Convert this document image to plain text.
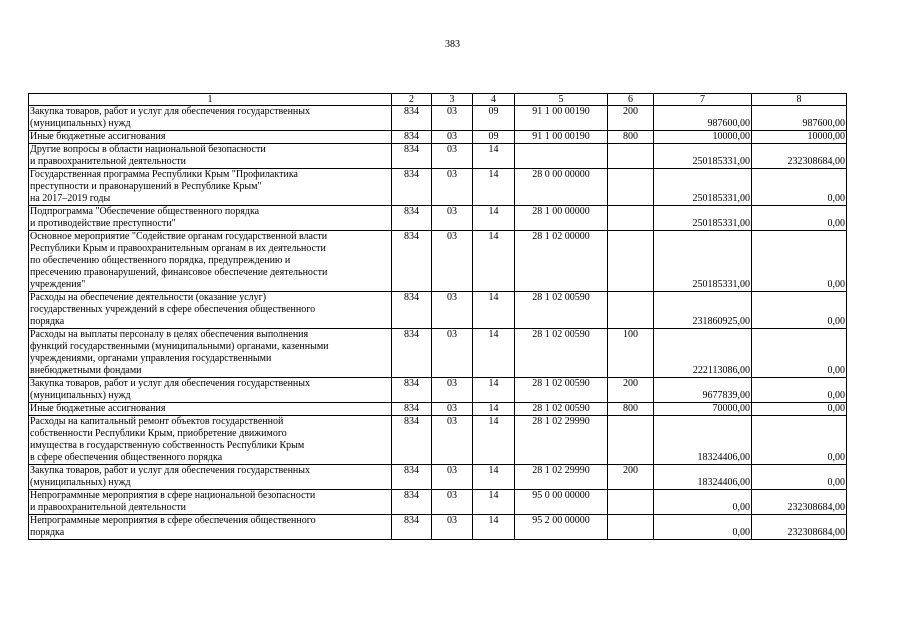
383
1	2	3	4	5	6	7	8

Закупка товаров, работ и услуг для обеспечения государственных
(муниципальных) нужд	834	03	09	91 1 00 00190	200	987600,00	987600,00

Иные бюджетные ассигнования	834	03	09	91 1 00 00190	800	10000,00	10000,00

Другие вопросы в области национальной безопасности
и правоохранительной деятельности	834	03	14			250185331,00	232308684,00

Государственная программа Республики Крым "Профилактика
преступности и правонарушений в Республике Крым"
на 2017–2019 годы	834	03	14	28 0 00 00000		250185331,00	0,00

Подпрограмма "Обеспечение общественного порядка
и противодействие преступности"	834	03	14	28 1 00 00000		250185331,00	0,00

Основное мероприятие "Содействие органам государственной власти
Республики Крым и правоохранительным органам в их деятельности
по обеспечению общественного порядка, предупреждению и
пресечению правонарушений, финансовое обеспечение деятельности
учреждения"	834	03	14	28 1 02 00000		250185331,00	0,00

Расходы на обеспечение деятельности (оказание услуг)
государственных учреждений в сфере обеспечения общественного
порядка	834	03	14	28 1 02 00590		231860925,00	0,00

Расходы на выплаты персоналу в целях обеспечения выполнения
функций государственными (муниципальными) органами, казенными
учреждениями, органами управления государственными
внебюджетными фондами	834	03	14	28 1 02 00590	100	222113086,00	0,00

Закупка товаров, работ и услуг для обеспечения государственных
(муниципальных) нужд	834	03	14	28 1 02 00590	200	9677839,00	0,00

Иные бюджетные ассигнования	834	03	14	28 1 02 00590	800	70000,00	0,00

Расходы на капитальный ремонт объектов государственной
собственности Республики Крым, приобретение движимого
имущества в государственную собственность Республики Крым
в сфере обеспечения общественного порядка	834	03	14	28 1 02 29990		18324406,00	0,00

Закупка товаров, работ и услуг для обеспечения государственных
(муниципальных) нужд	834	03	14	28 1 02 29990	200	18324406,00	0,00

Непрограммные мероприятия в сфере национальной безопасности
и правоохранительной деятельности	834	03	14	95 0 00 00000		0,00	232308684,00

Непрограммные мероприятия в сфере обеспечения общественного
порядка	834	03	14	95 2 00 00000		0,00	232308684,00
